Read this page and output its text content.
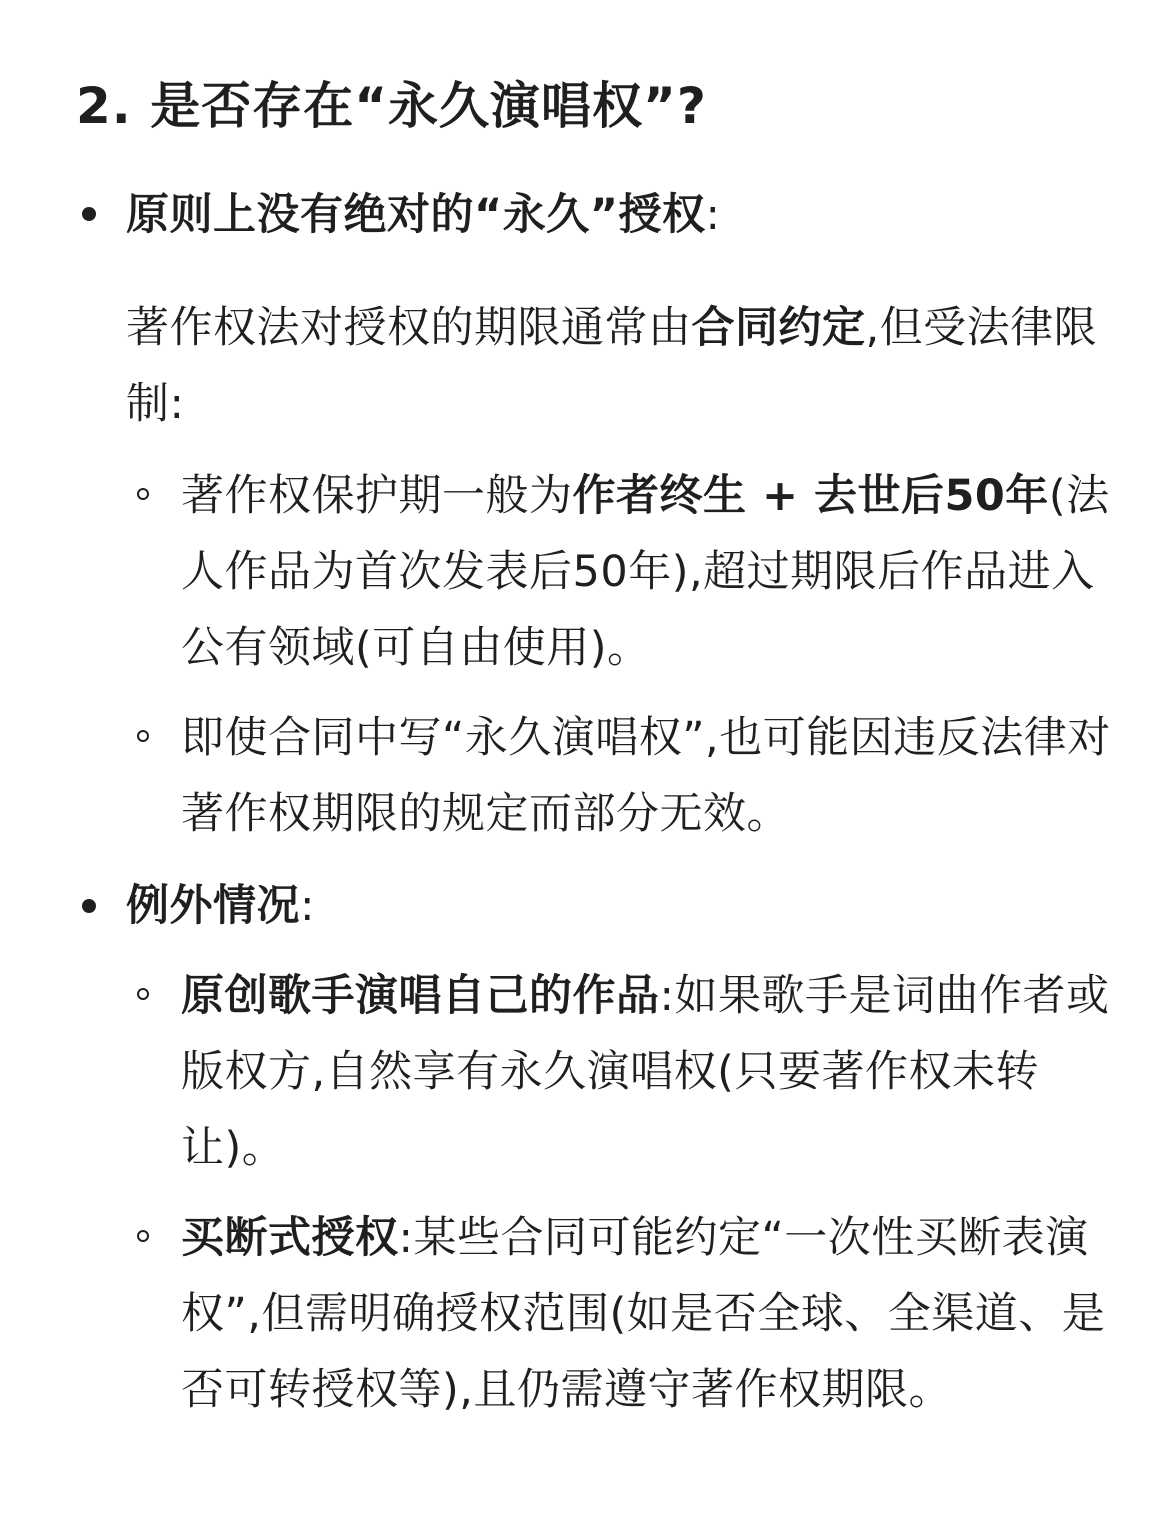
2. 是否存在“永久演唱权”?

原则上没有绝对的“永久”授权:

著作权法对授权的期限通常由合同约定,但受法律限制:

著作权保护期一般为作者终生 + 去世后50年(法人作品为首次发表后50年),超过期限后作品进入公有领域(可自由使用)。

即使合同中写“永久演唱权”,也可能因违反法律对著作权期限的规定而部分无效。

例外情况:

原创歌手演唱自己的作品:如果歌手是词曲作者或版权方,自然享有永久演唱权(只要著作权未转让)。

买断式授权:某些合同可能约定“一次性买断表演权”,但需明确授权范围(如是否全球、全渠道、是否可转授权等),且仍需遵守著作权期限。
